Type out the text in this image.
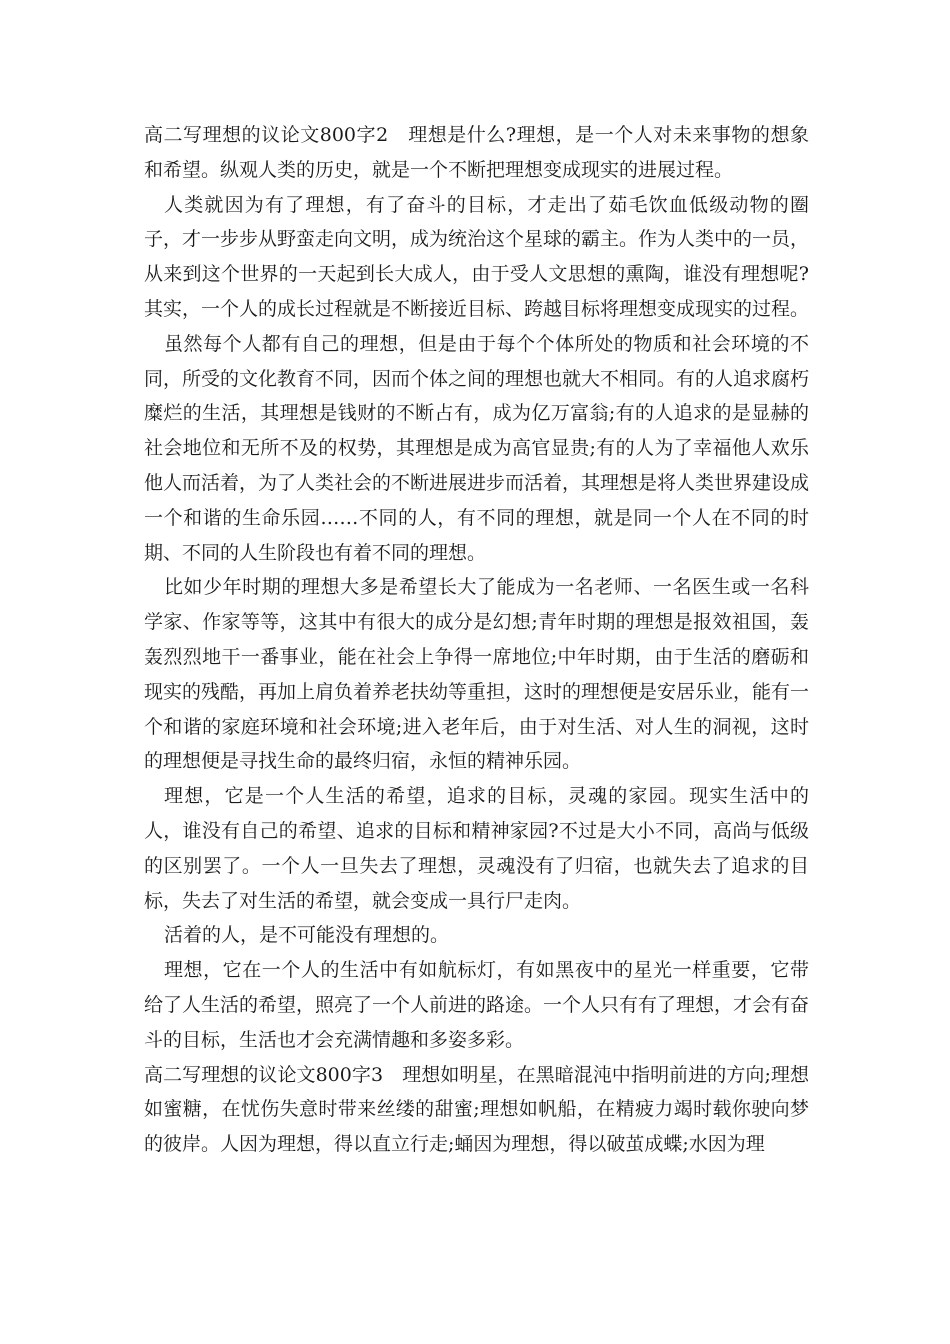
高二写理想的议论文800字2　理想是什么?理想，是一个人对未来事物的想象和希望。纵观人类的历史，就是一个不断把理想变成现实的进展过程。

人类就因为有了理想，有了奋斗的目标，才走出了茹毛饮血低级动物的圈子，才一步步从野蛮走向文明，成为统治这个星球的霸主。作为人类中的一员，从来到这个世界的一天起到长大成人，由于受人文思想的熏陶，谁没有理想呢?其实，一个人的成长过程就是不断接近目标、跨越目标将理想变成现实的过程。

虽然每个人都有自己的理想，但是由于每个个体所处的物质和社会环境的不同，所受的文化教育不同，因而个体之间的理想也就大不相同。有的人追求腐朽糜烂的生活，其理想是钱财的不断占有，成为亿万富翁;有的人追求的是显赫的社会地位和无所不及的权势，其理想是成为高官显贵;有的人为了幸福他人欢乐他人而活着，为了人类社会的不断进展进步而活着，其理想是将人类世界建设成一个和谐的生命乐园……不同的人，有不同的理想，就是同一个人在不同的时期、不同的人生阶段也有着不同的理想。

比如少年时期的理想大多是希望长大了能成为一名老师、一名医生或一名科学家、作家等等，这其中有很大的成分是幻想;青年时期的理想是报效祖国，轰轰烈烈地干一番事业，能在社会上争得一席地位;中年时期，由于生活的磨砺和现实的残酷，再加上肩负着养老扶幼等重担，这时的理想便是安居乐业，能有一个和谐的家庭环境和社会环境;进入老年后，由于对生活、对人生的洞视，这时的理想便是寻找生命的最终归宿，永恒的精神乐园。

理想，它是一个人生活的希望，追求的目标，灵魂的家园。现实生活中的人，谁没有自己的希望、追求的目标和精神家园?不过是大小不同，高尚与低级的区别罢了。一个人一旦失去了理想，灵魂没有了归宿，也就失去了追求的目标，失去了对生活的希望，就会变成一具行尸走肉。

活着的人，是不可能没有理想的。

理想，它在一个人的生活中有如航标灯，有如黑夜中的星光一样重要，它带给了人生活的希望，照亮了一个人前进的路途。一个人只有有了理想，才会有奋斗的目标，生活也才会充满情趣和多姿多彩。

高二写理想的议论文800字3　理想如明星，在黑暗混沌中指明前进的方向;理想如蜜糖，在忧伤失意时带来丝缕的甜蜜;理想如帆船，在精疲力竭时载你驶向梦的彼岸。人因为理想，得以直立行走;蛹因为理想，得以破茧成蝶;水因为理
